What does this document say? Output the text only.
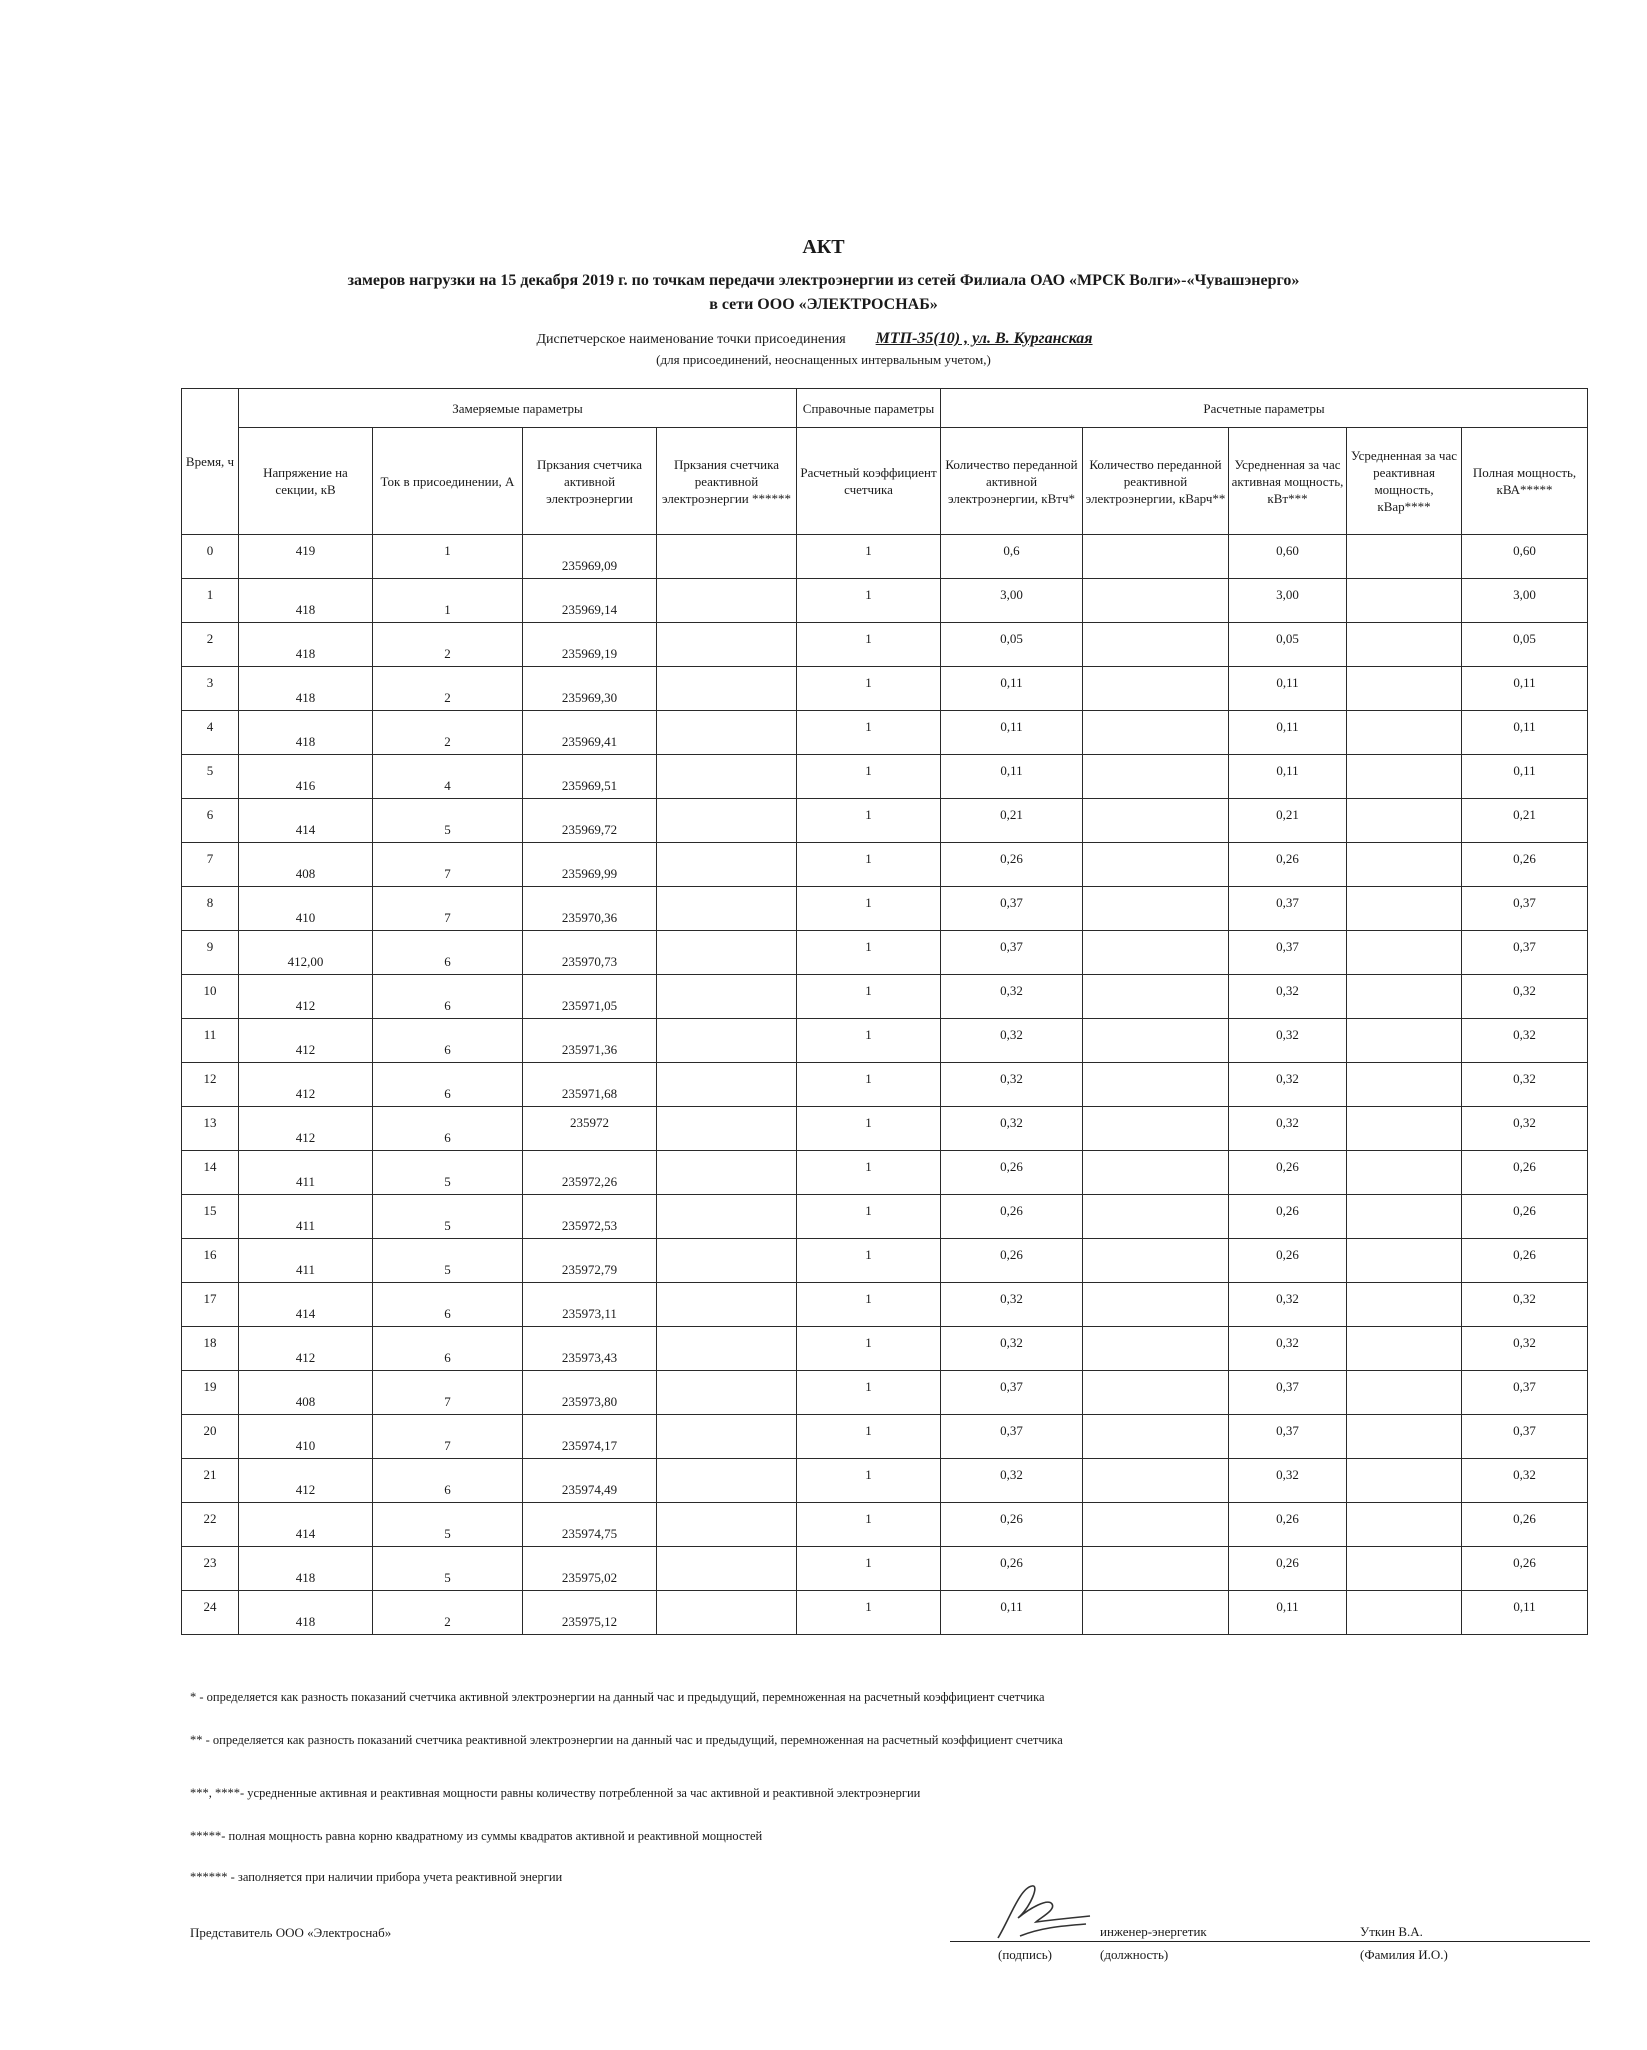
АКТ
замеров нагрузки на 15 декабря 2019 г. по точкам передачи электроэнергии из сетей Филиала ОАО «МРСК Волги»-«Чувашэнерго»
в сети ООО «ЭЛЕКТРОСНАБ»
Диспетчерское наименование точки присоединения МТП-35(10) , ул. В. Курганская
(для присоединений, неоснащенных интервальным учетом,)
Время, ч	Замеряемые параметры				Справочные параметры	Расчетные параметры				
	Напряжение на секции, кВ	Ток в присоединении, А	Пркзания счетчика активной электроэнергии	Пркзания счетчика реактивной электроэнергии ******	Расчетный коэффициент счетчика	Количество переданной активной электроэнергии, кВтч*	Количество переданной реактивной электроэнергии, кВарч**	Усредненная за час активная мощность, кВт***	Усредненная за час реактивная мощность, кВар****	Полная мощность, кВА*****

0	419	1	235969,09		1	0,6		0,60		0,60

1	418	1	235969,14		1	3,00		3,00		3,00

2	418	2	235969,19		1	0,05		0,05		0,05

3	418	2	235969,30		1	0,11		0,11		0,11

4	418	2	235969,41		1	0,11		0,11		0,11

5	416	4	235969,51		1	0,11		0,11		0,11

6	414	5	235969,72		1	0,21		0,21		0,21

7	408	7	235969,99		1	0,26		0,26		0,26

8	410	7	235970,36		1	0,37		0,37		0,37

9	412,00	6	235970,73		1	0,37		0,37		0,37

10	412	6	235971,05		1	0,32		0,32		0,32

11	412	6	235971,36		1	0,32		0,32		0,32

12	412	6	235971,68		1	0,32		0,32		0,32

13	412	6	235972		1	0,32		0,32		0,32

14	411	5	235972,26		1	0,26		0,26		0,26

15	411	5	235972,53		1	0,26		0,26		0,26

16	411	5	235972,79		1	0,26		0,26		0,26

17	414	6	235973,11		1	0,32		0,32		0,32

18	412	6	235973,43		1	0,32		0,32		0,32

19	408	7	235973,80		1	0,37		0,37		0,37

20	410	7	235974,17		1	0,37		0,37		0,37

21	412	6	235974,49		1	0,32		0,32		0,32

22	414	5	235974,75		1	0,26		0,26		0,26

23	418	5	235975,02		1	0,26		0,26		0,26

24	418	2	235975,12		1	0,11		0,11		0,11
* - определяется как разность показаний счетчика активной электроэнергии на данный час и предыдущий, перемноженная на расчетный коэффициент счетчика
** - определяется как разность показаний счетчика реактивной электроэнергии на данный час и предыдущий, перемноженная на расчетный коэффициент счетчика
***, ****- усредненные активная и реактивная мощности равны количеству потребленной за час активной и реактивной электроэнергии
*****- полная мощность равна корню квадратному из суммы квадратов активной и реактивной мощностей
****** - заполняется при наличии прибора учета реактивной энергии
Представитель ООО «Электроснаб»	инженер-энергетик	Уткин В.А.
(подпись)	(должность)	(Фамилия И.О.)
